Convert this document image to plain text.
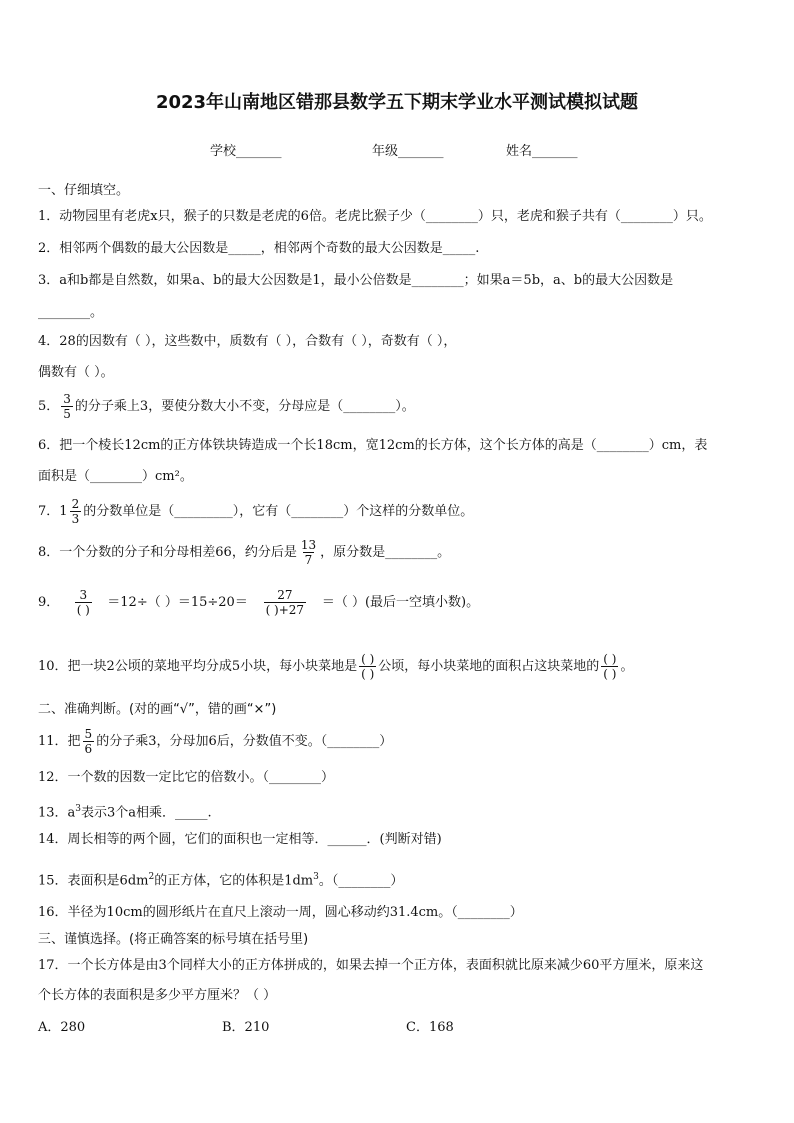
2023年山南地区错那县数学五下期末学业水平测试模拟试题
学校_______	年级_______	姓名_______
一、仔细填空。
1．动物园里有老虎x只，猴子的只数是老虎的6倍。老虎比猴子少（________）只，老虎和猴子共有（________）只。
2．相邻两个偶数的最大公因数是_____，相邻两个奇数的最大公因数是_____.
3．a和b都是自然数，如果a、b的最大公因数是1，最小公倍数是________；如果a＝5b，a、b的最大公因数是
________。
4．28的因数有（ ），这些数中，质数有（ ），合数有（ ），奇数有（ ），
偶数有（ ）。
5． $\frac{3}{5}$ 的分子乘上3，要使分数大小不变，分母应是（________）。
6．把一个棱长12cm的正方体铁块铸造成一个长18cm，宽12cm的长方体，这个长方体的高是（________）cm，表
面积是（________）cm²。
7． $1 \frac{2}{3}$ 的分数单位是（_________），它有（________）个这样的分数单位。
8．一个分数的分子和分母相差66，约分后是 $\frac{13}{7}$ ，原分数是________。
9． $\frac{3}{( )} =12\div$（ ）$=15\div 20= \frac{27}{( )+27}$ ＝（ ）(最后一空填小数)。
10．把一块2公顷的菜地平均分成5小块，每小块菜地是 $\frac{( )}{( )}$ 公顷，每小块菜地的面积占这块菜地的 $\frac{( )}{( )}$ 。
二、准确判断。(对的画“√”，错的画“×”)
11．把 $\frac{5}{6}$ 的分子乘3，分母加6后，分数值不变。（________）
12．一个数的因数一定比它的倍数小。（________）
13．$a^3$表示3个a相乘．_____.
14．周长相等的两个圆，它们的面积也一定相等．______．(判断对错)
15．表面积是$6dm^2$的正方体，它的体积是$1dm^3$。（________）
16．半径为10cm的圆形纸片在直尺上滚动一周，圆心移动约31.4cm。（________）
三、谨慎选择。(将正确答案的标号填在括号里)
17．一个长方体是由3个同样大小的正方体拼成的，如果去掉一个正方体，表面积就比原来减少60平方厘米，原来这
个长方体的表面积是多少平方厘米？（ ）
A．280	B．210	C．168
